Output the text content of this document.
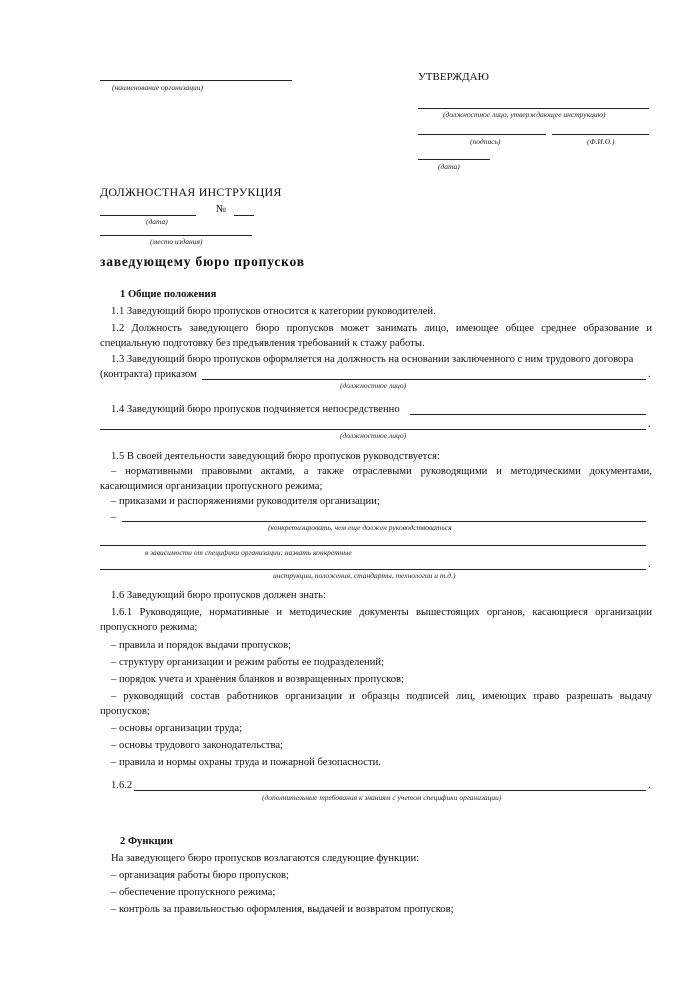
(наименование организации)
УТВЕРЖДАЮ
(должностное лицо, утверждающее инструкцию)
(подпись)	(Ф.И.О.)
(дата)
ДОЛЖНОСТНАЯ ИНСТРУКЦИЯ
№
(дата)
(место издания)
заведующему бюро пропусков
1 Общие положения
1.1 Заведующий бюро пропусков относится к категории руководителей.
1.2 Должность заведующего бюро пропусков может занимать лицо, имеющее общее среднее образование и специальную подготовку без предъявления требований к стажу работы.
1.3 Заведующий бюро пропусков оформляется на должность на основании заключенного с ним трудового договора
(контракта) приказом	.
(должностное лицо)
1.4 Заведующий бюро пропусков подчиняется непосредственно
.
(должностное лицо)
1.5 В своей деятельности заведующий бюро пропусков руководствуется:
– нормативными правовыми актами, а также отраслевыми руководящими и методическими документами, касающимися организации пропускного режима;
– приказами и распоряжениями руководителя организации;
–
(конкретизировать, чем еще должен руководствоваться
в зависимости от специфики организации; назвать конкретные
.
инструкции, положения, стандарты, технологии и т.д.)
1.6 Заведующий бюро пропусков должен знать:
1.6.1 Руководящие, нормативные и методические документы вышестоящих органов, касающиеся организации пропускного режима;
– правила и порядок выдачи пропусков;
– структуру организации и режим работы ее подразделений;
– порядок учета и хранения бланков и возвращенных пропусков;
– руководящий состав работников организации и образцы подписей лиц, имеющих право разрешать выдачу пропусков;
– основы организации труда;
– основы трудового законодательства;
– правила и нормы охраны труда и пожарной безопасности.
1.6.2	.
(дополнительные требования к знаниям с учетом специфики организации)
2 Функции
На заведующего бюро пропусков возлагаются следующие функции:
– организация работы бюро пропусков;
– обеспечение пропускного режима;
– контроль за правильностью оформления, выдачей и возвратом пропусков;
